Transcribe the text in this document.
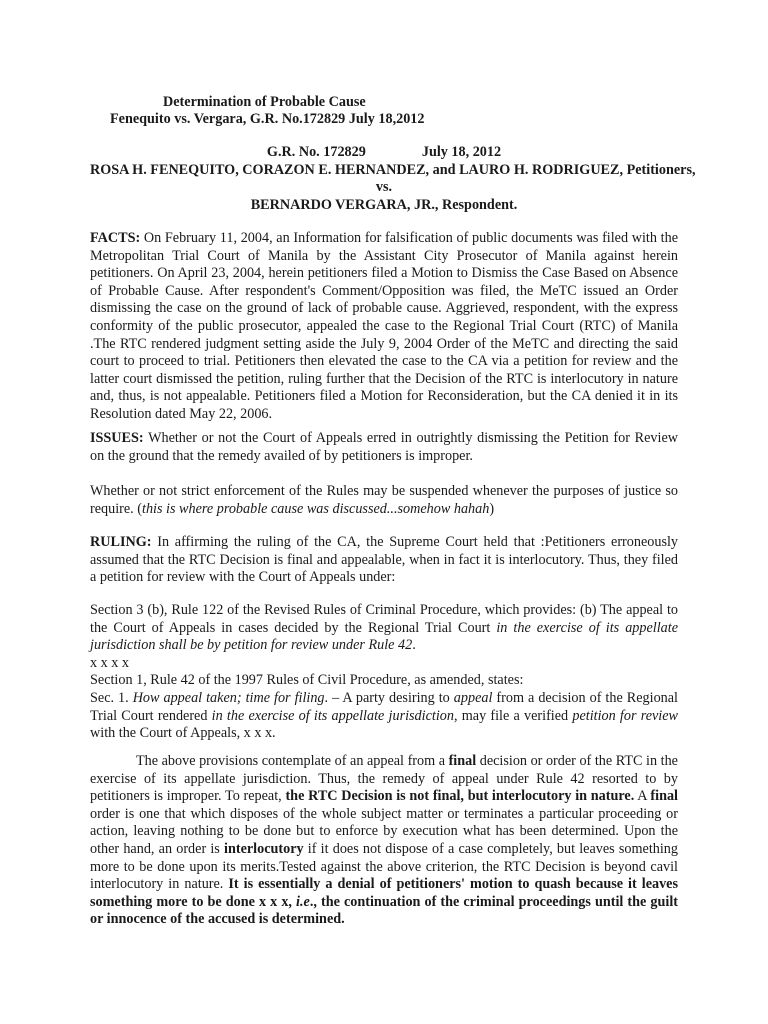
Determination of Probable Cause
Fenequito vs. Vergara, G.R. No.172829 July 18,2012
G.R. No. 172829	July 18, 2012
ROSA H. FENEQUITO, CORAZON E. HERNANDEZ, and LAURO H. RODRIGUEZ, Petitioners,
vs.
BERNARDO VERGARA, JR., Respondent.

FACTS: On February 11, 2004, an Information for falsification of public documents was filed with the Metropolitan Trial Court of Manila by the Assistant City Prosecutor of Manila against herein petitioners. On April 23, 2004, herein petitioners filed a Motion to Dismiss the Case Based on Absence of Probable Cause. After respondent's Comment/Opposition was filed, the MeTC issued an Order dismissing the case on the ground of lack of probable cause. Aggrieved, respondent, with the express conformity of the public prosecutor, appealed the case to the Regional Trial Court (RTC) of Manila .The RTC rendered judgment setting aside the July 9, 2004 Order of the MeTC and directing the said court to proceed to trial. Petitioners then elevated the case to the CA via a petition for review and the latter court dismissed the petition, ruling further that the Decision of the RTC is interlocutory in nature and, thus, is not appealable. Petitioners filed a Motion for Reconsideration, but the CA denied it in its Resolution dated May 22, 2006.

ISSUES: Whether or not the Court of Appeals erred in outrightly dismissing the Petition for Review on the ground that the remedy availed of by petitioners is improper.

Whether or not strict enforcement of the Rules may be suspended whenever the purposes of justice so require. (this is where probable cause was discussed...somehow hahah)

RULING: In affirming the ruling of the CA, the Supreme Court held that :Petitioners erroneously assumed that the RTC Decision is final and appealable, when in fact it is interlocutory. Thus, they filed a petition for review with the Court of Appeals under:

Section 3 (b), Rule 122 of the Revised Rules of Criminal Procedure, which provides: (b) The appeal to the Court of Appeals in cases decided by the Regional Trial Court in the exercise of its appellate jurisdiction shall be by petition for review under Rule 42.

x x x x

Section 1, Rule 42 of the 1997 Rules of Civil Procedure, as amended, states:

Sec. 1. How appeal taken; time for filing. – A party desiring to appeal from a decision of the Regional Trial Court rendered in the exercise of its appellate jurisdiction, may file a verified petition for review with the Court of Appeals, x x x.

The above provisions contemplate of an appeal from a final decision or order of the RTC in the exercise of its appellate jurisdiction. Thus, the remedy of appeal under Rule 42 resorted to by petitioners is improper. To repeat, the RTC Decision is not final, but interlocutory in nature. A final order is one that which disposes of the whole subject matter or terminates a particular proceeding or action, leaving nothing to be done but to enforce by execution what has been determined. Upon the other hand, an order is interlocutory if it does not dispose of a case completely, but leaves something more to be done upon its merits.Tested against the above criterion, the RTC Decision is beyond cavil interlocutory in nature. It is essentially a denial of petitioners' motion to quash because it leaves something more to be done x x x, i.e., the continuation of the criminal proceedings until the guilt or innocence of the accused is determined.
